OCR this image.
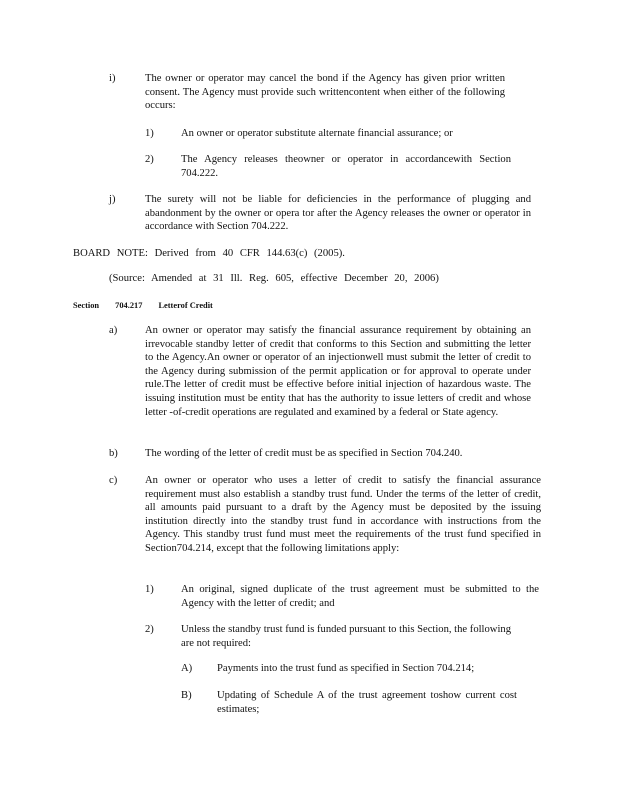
i)	The owner or operator may cancel the bond if the Agency has given prior written consent. The Agency must provide such writtencontent when either of the following occurs:
1)	An owner or operator substitute alternate financial assurance; or
2)	The Agency releases theowner or operator in accordancewith Section 704.222.
j)	The surety will not be liable for deficiencies in the performance of plugging and abandonment by the owner or opera tor after the Agency releases the owner or operator in accordance with Section 704.222.
BOARD NOTE: Derived from 40 CFR 144.63(c) (2005).
(Source: Amended at 31 Ill. Reg. 605, effective December 20, 2006)
Section 704.217 Letterof Credit
a)	An owner or operator may satisfy the financial assurance requirement by obtaining an irrevocable standby letter of credit that conforms to this Section and submitting the letter to the Agency.An owner or operator of an injectionwell must submit the letter of credit to the Agency during submission of the permit application or for approval to operate under rule.The letter of credit must be effective before initial injection of hazardous waste. The issuing institution must be entity that has the authority to issue letters of credit and whose letter -of-credit operations are regulated and examined by a federal or State agency.
b)	The wording of the letter of credit must be as specified in Section 704.240.
c)	An owner or operator who uses a letter of credit to satisfy the financial assurance requirement must also establish a standby trust fund. Under the terms of the letter of credit, all amounts paid pursuant to a draft by the Agency must be deposited by the issuing institution directly into the standby trust fund in accordance with instructions from the Agency. This standby trust fund must meet the requirements of the trust fund specified in Section704.214, except that the following limitations apply:
1)	An original, signed duplicate of the trust agreement must be submitted to the Agency with the letter of credit; and
2)	Unless the standby trust fund is funded pursuant to this Section, the following are not required:
A)	Payments into the trust fund as specified in Section 704.214;
B)	Updating of Schedule A of the trust agreement toshow current cost estimates;
